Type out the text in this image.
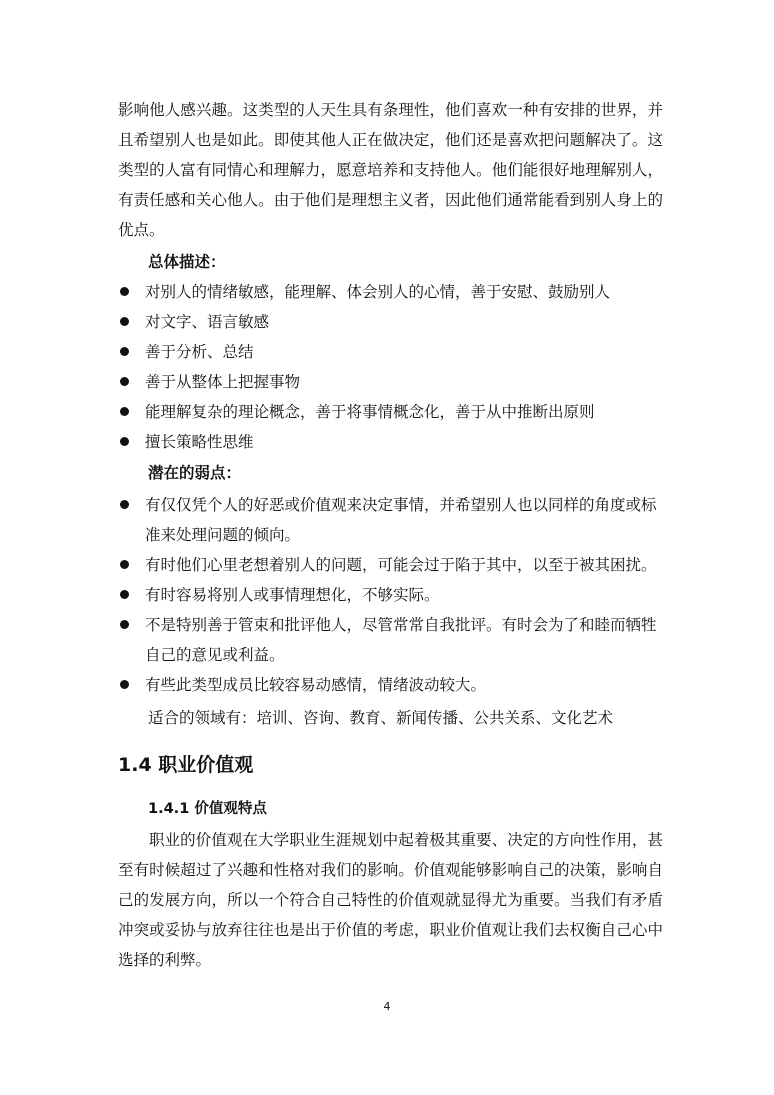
影响他人感兴趣。这类型的人天生具有条理性，他们喜欢一种有安排的世界，并且希望别人也是如此。即使其他人正在做决定，他们还是喜欢把问题解决了。这类型的人富有同情心和理解力，愿意培养和支持他人。他们能很好地理解别人，有责任感和关心他人。由于他们是理想主义者，因此他们通常能看到别人身上的优点。

总体描述：

对别人的情绪敏感，能理解、体会别人的心情，善于安慰、鼓励别人
对文字、语言敏感
善于分析、总结
善于从整体上把握事物
能理解复杂的理论概念，善于将事情概念化，善于从中推断出原则
擅长策略性思维

潜在的弱点：

有仅仅凭个人的好恶或价值观来决定事情，并希望别人也以同样的角度或标准来处理问题的倾向。
有时他们心里老想着别人的问题，可能会过于陷于其中，以至于被其困扰。
有时容易将别人或事情理想化，不够实际。
不是特别善于管束和批评他人，尽管常常自我批评。有时会为了和睦而牺牲自己的意见或利益。
有些此类型成员比较容易动感情，情绪波动较大。

适合的领域有：培训、咨询、教育、新闻传播、公共关系、文化艺术

1.4 职业价值观
1.4.1 价值观特点

职业的价值观在大学职业生涯规划中起着极其重要、决定的方向性作用，甚至有时候超过了兴趣和性格对我们的影响。价值观能够影响自己的决策，影响自己的发展方向，所以一个符合自己特性的价值观就显得尤为重要。当我们有矛盾冲突或妥协与放弃往往也是出于价值的考虑，职业价值观让我们去权衡自己心中选择的利弊。

4
